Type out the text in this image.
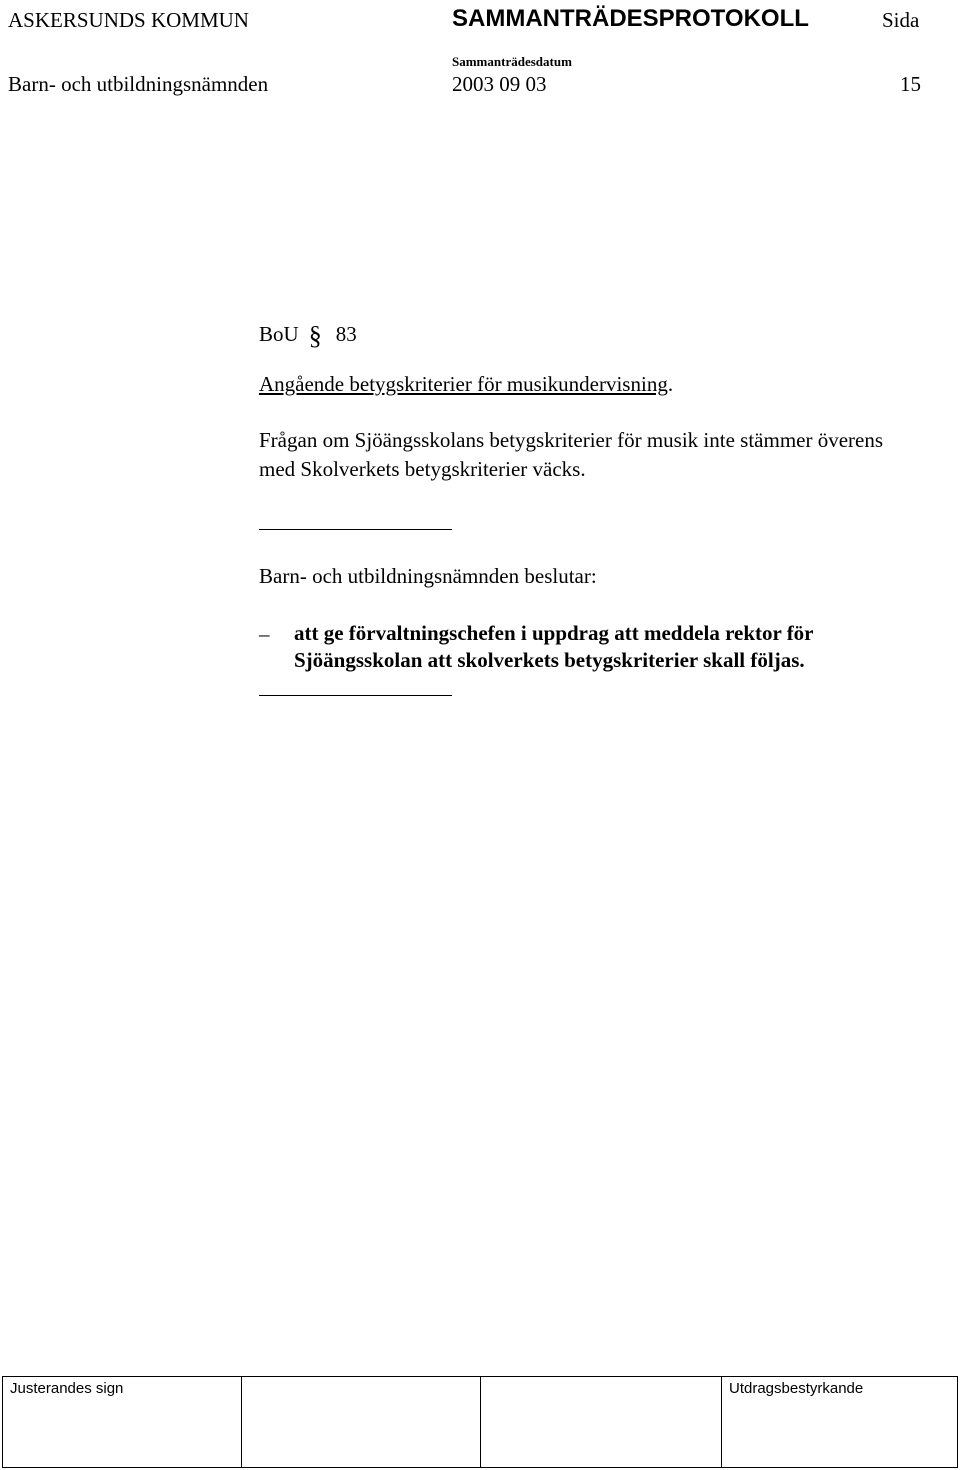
ASKERSUNDS KOMMUN	SAMMANTRÄDESPROTOKOLL	Sida
Barn- och utbildningsnämnden
Sammanträdesdatum
2003 09 03	15
BoU § 83
Angående betygskriterier för musikundervisning.
Frågan om Sjöängsskolans betygskriterier för musik inte stämmer överens
med Skolverkets betygskriterier väcks.
Barn- och utbildningsnämnden beslutar:
– att ge förvaltningschefen i uppdrag att meddela rektor för
Sjöängsskolan att skolverkets betygskriterier skall följas.
Justerandes sign	Utdragsbestyrkande
